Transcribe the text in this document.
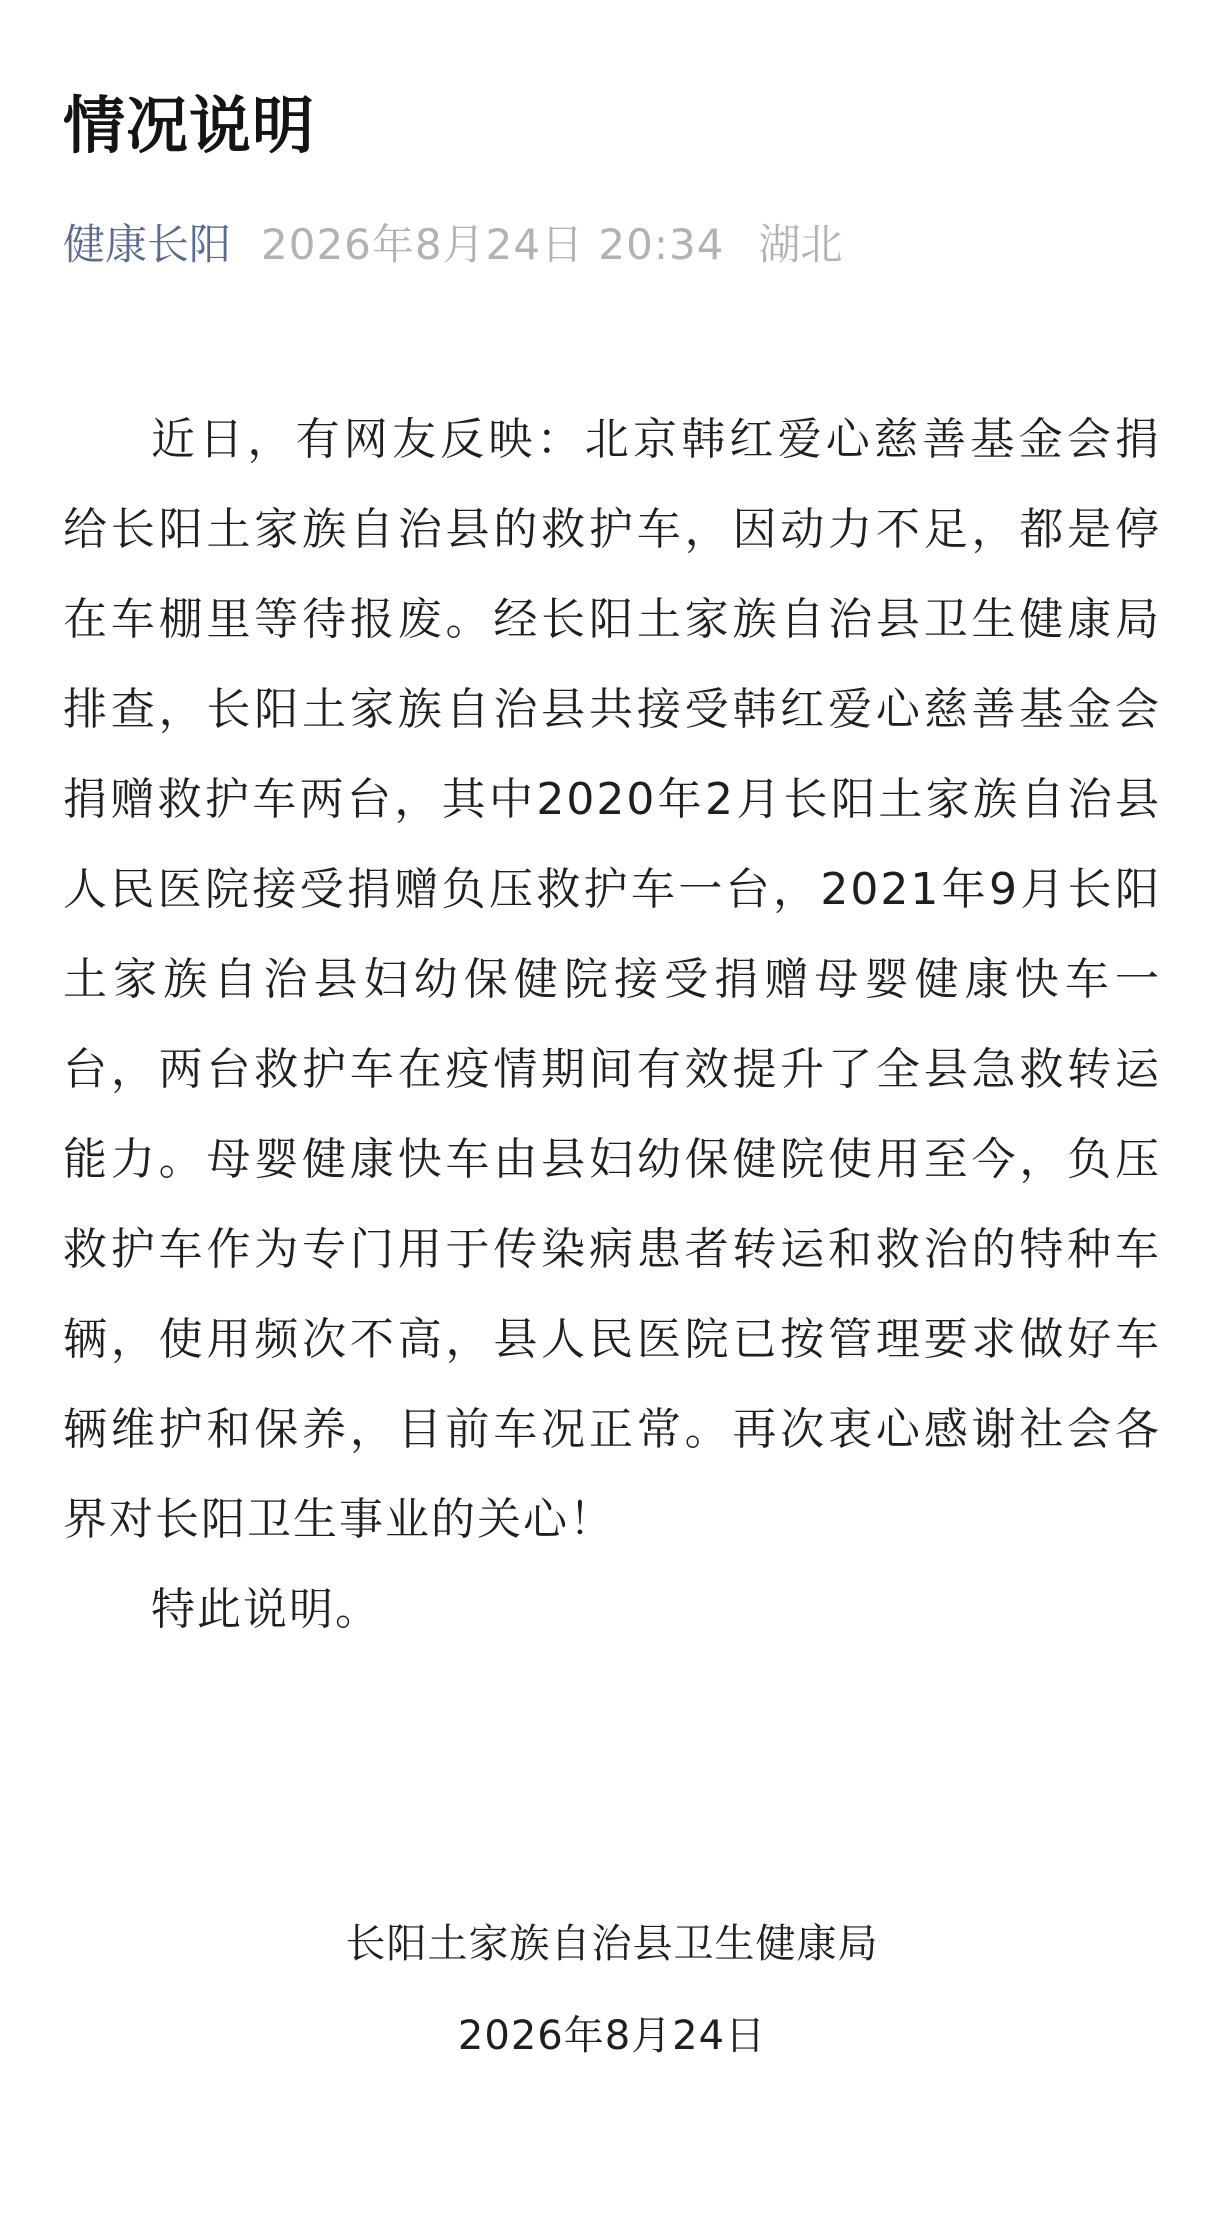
情况说明
健康长阳 2026年8月24日 20:34 湖北

近日，有网友反映：北京韩红爱心慈善基金会捐给长阳土家族自治县的救护车，因动力不足，都是停在车棚里等待报废。经长阳土家族自治县卫生健康局排查，长阳土家族自治县共接受韩红爱心慈善基金会捐赠救护车两台，其中2020年2月长阳土家族自治县人民医院接受捐赠负压救护车一台，2021年9月长阳土家族自治县妇幼保健院接受捐赠母婴健康快车一台，两台救护车在疫情期间有效提升了全县急救转运能力。母婴健康快车由县妇幼保健院使用至今，负压救护车作为专门用于传染病患者转运和救治的特种车辆，使用频次不高，县人民医院已按管理要求做好车辆维护和保养，目前车况正常。再次衷心感谢社会各界对长阳卫生事业的关心！

特此说明。

长阳土家族自治县卫生健康局
2026年8月24日
